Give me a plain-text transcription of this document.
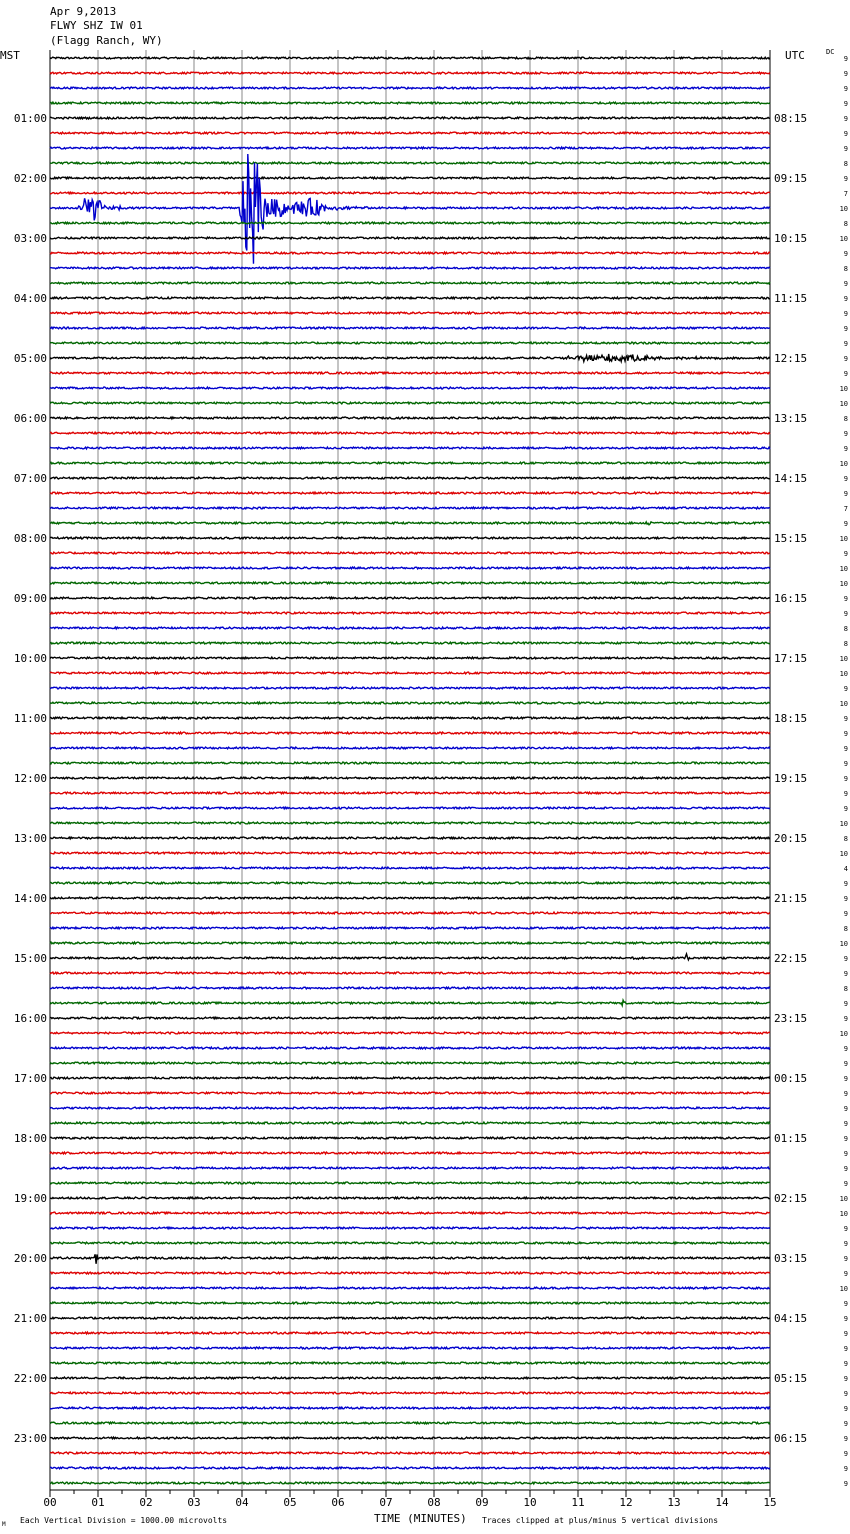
Apr 9,2013
FLWY SHZ IW 01
(Flagg Ranch, WY)
MST	UTC	DC
00	01	02	03	04	05	06	07	08	09	10	11	12	13	14	15
9
9
9
9
01:00	08:15	9
9
9
8
02:00	09:15	9
7
10
8
03:00	10:15	10
9
8
9
04:00	11:15	9
9
9
9
05:00	12:15	9
9
10
10
06:00	13:15	8
9
9
10
07:00	14:15	9
9
7
9
08:00	15:15	10
9
10
10
09:00	16:15	9
9
8
8
10:00	17:15	10
10
9
10
11:00	18:15	9
9
9
9
12:00	19:15	9
9
9
10
13:00	20:15	8
10
4
9
14:00	21:15	9
9
8
10
15:00	22:15	9
9
8
9
16:00	23:15	9
10
9
9
17:00	00:15	9
9
9
9
18:00	01:15	9
9
9
9
19:00	02:15	10
10
9
9
20:00	03:15	9
9
10
9
21:00	04:15	9
9
9
9
22:00	05:15	9
9
9
9
23:00	06:15	9
9
9
9
M Each Vertical Division = 1000.00 microvolts	TIME (MINUTES) Traces clipped at plus/minus 5 vertical divisions
